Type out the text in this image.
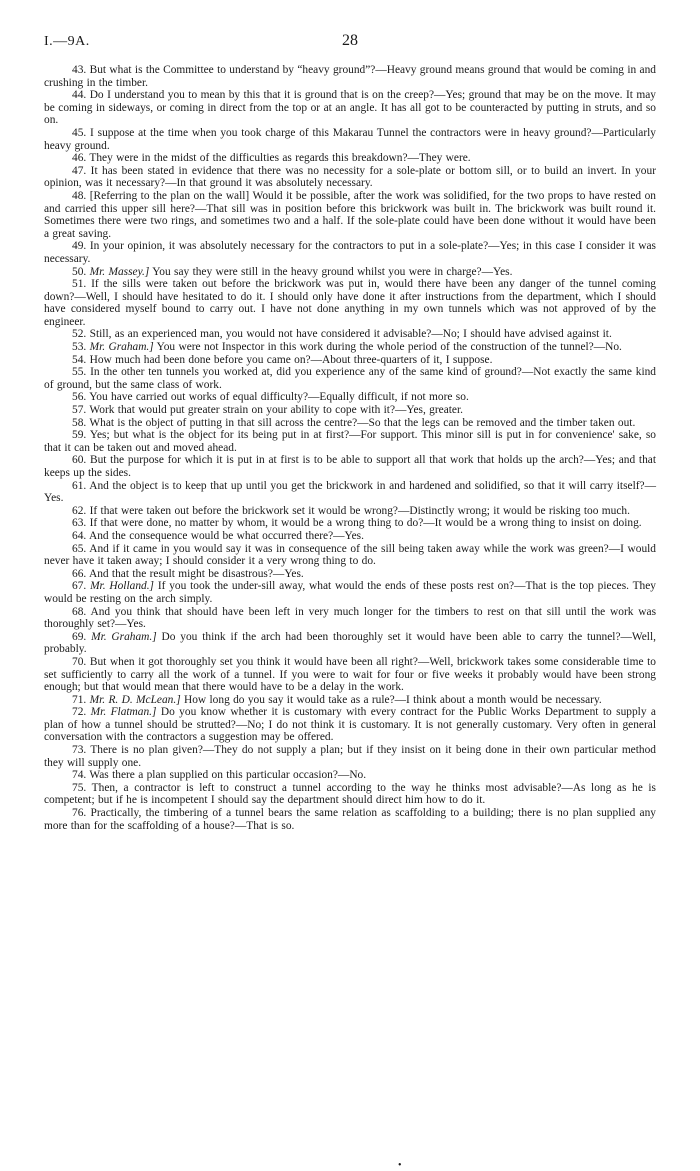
I.—9A.	28

43. But what is the Committee to understand by “heavy ground”?—Heavy ground means ground that would be coming in and crushing in the timber.

44. Do I understand you to mean by this that it is ground that is on the creep?—Yes; ground that may be on the move. It may be coming in sideways, or coming in direct from the top or at an angle. It has all got to be counteracted by putting in struts, and so on.

45. I suppose at the time when you took charge of this Makarau Tunnel the contractors were in heavy ground?—Particularly heavy ground.

46. They were in the midst of the difficulties as regards this breakdown?—They were.

47. It has been stated in evidence that there was no necessity for a sole-plate or bottom sill, or to build an invert. In your opinion, was it necessary?—In that ground it was absolutely necessary.

48. [Referring to the plan on the wall] Would it be possible, after the work was solidified, for the two props to have rested on and carried this upper sill here?—That sill was in position before this brickwork was built in. The brickwork was built round it. Sometimes there were two rings, and sometimes two and a half. If the sole-plate could have been done without it would have been a great saving.

49. In your opinion, it was absolutely necessary for the contractors to put in a sole-plate?—Yes; in this case I consider it was necessary.

50. Mr. Massey.] You say they were still in the heavy ground whilst you were in charge?—Yes.

51. If the sills were taken out before the brickwork was put in, would there have been any danger of the tunnel coming down?—Well, I should have hesitated to do it. I should only have done it after instructions from the department, which I should have considered myself bound to carry out. I have not done anything in my own tunnels which was not approved of by the engineer.

52. Still, as an experienced man, you would not have considered it advisable?—No; I should have advised against it.

53. Mr. Graham.] You were not Inspector in this work during the whole period of the construction of the tunnel?—No.

54. How much had been done before you came on?—About three-quarters of it, I suppose.

55. In the other ten tunnels you worked at, did you experience any of the same kind of ground?—Not exactly the same kind of ground, but the same class of work.

56. You have carried out works of equal difficulty?—Equally difficult, if not more so.

57. Work that would put greater strain on your ability to cope with it?—Yes, greater.

58. What is the object of putting in that sill across the centre?—So that the legs can be removed and the timber taken out.

59. Yes; but what is the object for its being put in at first?—For support. This minor sill is put in for convenience' sake, so that it can be taken out and moved ahead.

60. But the purpose for which it is put in at first is to be able to support all that work that holds up the arch?—Yes; and that keeps up the sides.

61. And the object is to keep that up until you get the brickwork in and hardened and solidified, so that it will carry itself?—Yes.

62. If that were taken out before the brickwork set it would be wrong?—Distinctly wrong; it would be risking too much.

63. If that were done, no matter by whom, it would be a wrong thing to do?—It would be a wrong thing to insist on doing.

64. And the consequence would be what occurred there?—Yes.

65. And if it came in you would say it was in consequence of the sill being taken away while the work was green?—I would never have it taken away; I should consider it a very wrong thing to do.

66. And that the result might be disastrous?—Yes.

67. Mr. Holland.] If you took the under-sill away, what would the ends of these posts rest on?—That is the top pieces. They would be resting on the arch simply.

68. And you think that should have been left in very much longer for the timbers to rest on that sill until the work was thoroughly set?—Yes.

69. Mr. Graham.] Do you think if the arch had been thoroughly set it would have been able to carry the tunnel?—Well, probably.

70. But when it got thoroughly set you think it would have been all right?—Well, brickwork takes some considerable time to set sufficiently to carry all the work of a tunnel. If you were to wait for four or five weeks it probably would have been strong enough; but that would mean that there would have to be a delay in the work.

71. Mr. R. D. McLean.] How long do you say it would take as a rule?—I think about a month would be necessary.

72. Mr. Flatman.] Do you know whether it is customary with every contract for the Public Works Department to supply a plan of how a tunnel should be strutted?—No; I do not think it is customary. It is not generally customary. Very often in general conversation with the contractors a suggestion may be offered.

73. There is no plan given?—They do not supply a plan; but if they insist on it being done in their own particular method they will supply one.

74. Was there a plan supplied on this particular occasion?—No.

75. Then, a contractor is left to construct a tunnel according to the way he thinks most advisable?—As long as he is competent; but if he is incompetent I should say the department should direct him how to do it.

76. Practically, the timbering of a tunnel bears the same relation as scaffolding to a building; there is no plan supplied any more than for the scaffolding of a house?—That is so.

•
